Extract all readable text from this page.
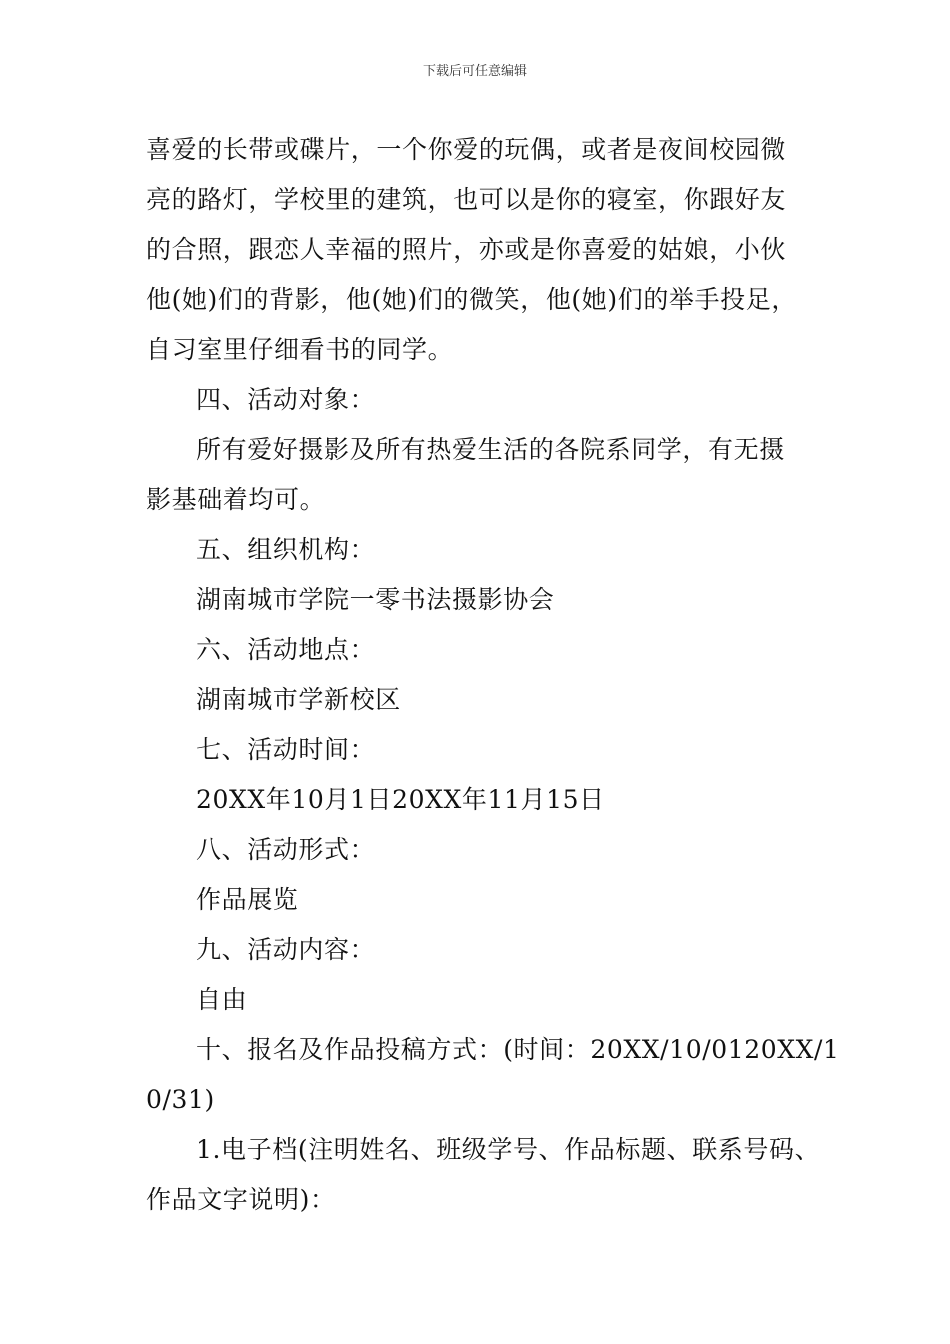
下载后可任意编辑
喜爱的长带或碟片，一个你爱的玩偶，或者是夜间校园微
亮的路灯，学校里的建筑，也可以是你的寝室，你跟好友
的合照，跟恋人幸福的照片，亦或是你喜爱的姑娘，小伙
他(她)们的背影，他(她)们的微笑，他(她)们的举手投足，
自习室里仔细看书的同学。
四、活动对象：
所有爱好摄影及所有热爱生活的各院系同学，有无摄
影基础着均可。
五、组织机构：
湖南城市学院一零书法摄影协会
六、活动地点：
湖南城市学新校区
七、活动时间：
20XX年10月1日20XX年11月15日
八、活动形式：
作品展览
九、活动内容：
自由
十、报名及作品投稿方式：(时间：20XX/10/0120XX/1
0/31)
1.电子档(注明姓名、班级学号、作品标题、联系号码、
作品文字说明)：
